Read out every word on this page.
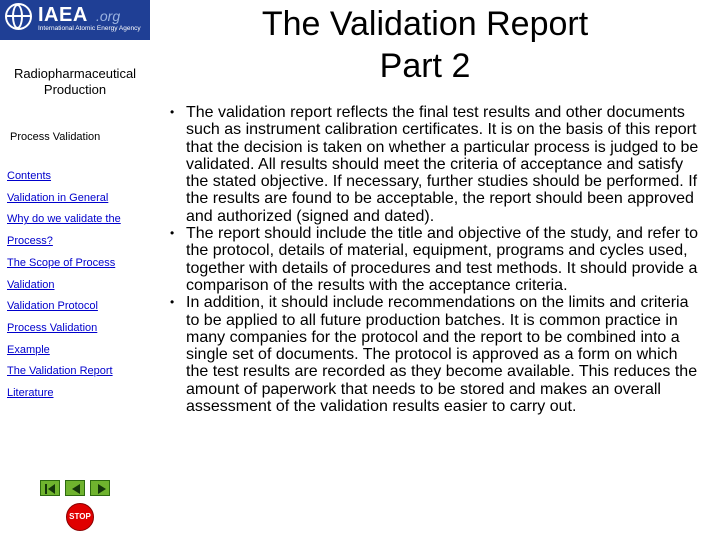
IAEA .org
International Atomic Energy Agency
Radiopharmaceutical Production
Process Validation
Contents
Validation in General
Why do we validate the
Process?
The Scope of Process
Validation
Validation Protocol
Process Validation
Example
The Validation Report
Literature
The Validation Report
Part 2
• The validation report reflects the final test results and other documents such as instrument calibration certificates. It is on the basis of this report that the decision is taken on whether a particular process is judged to be validated. All results should meet the criteria of acceptance and satisfy the stated objective. If necessary, further studies should be performed. If the results are found to be acceptable, the report should been approved and authorized (signed and dated).
• The report should include the title and objective of the study, and refer to the protocol, details of material, equipment, programs and cycles used, together with details of procedures and test methods. It should provide a comparison of the results with the acceptance criteria.
• In addition, it should include recommendations on the limits and criteria to be applied to all future production batches. It is common practice in many companies for the protocol and the report to be combined into a single set of documents. The protocol is approved as a form on which the test results are recorded as they become available. This reduces the amount of paperwork that needs to be stored and makes an overall assessment of the validation results easier to carry out.
STOP
